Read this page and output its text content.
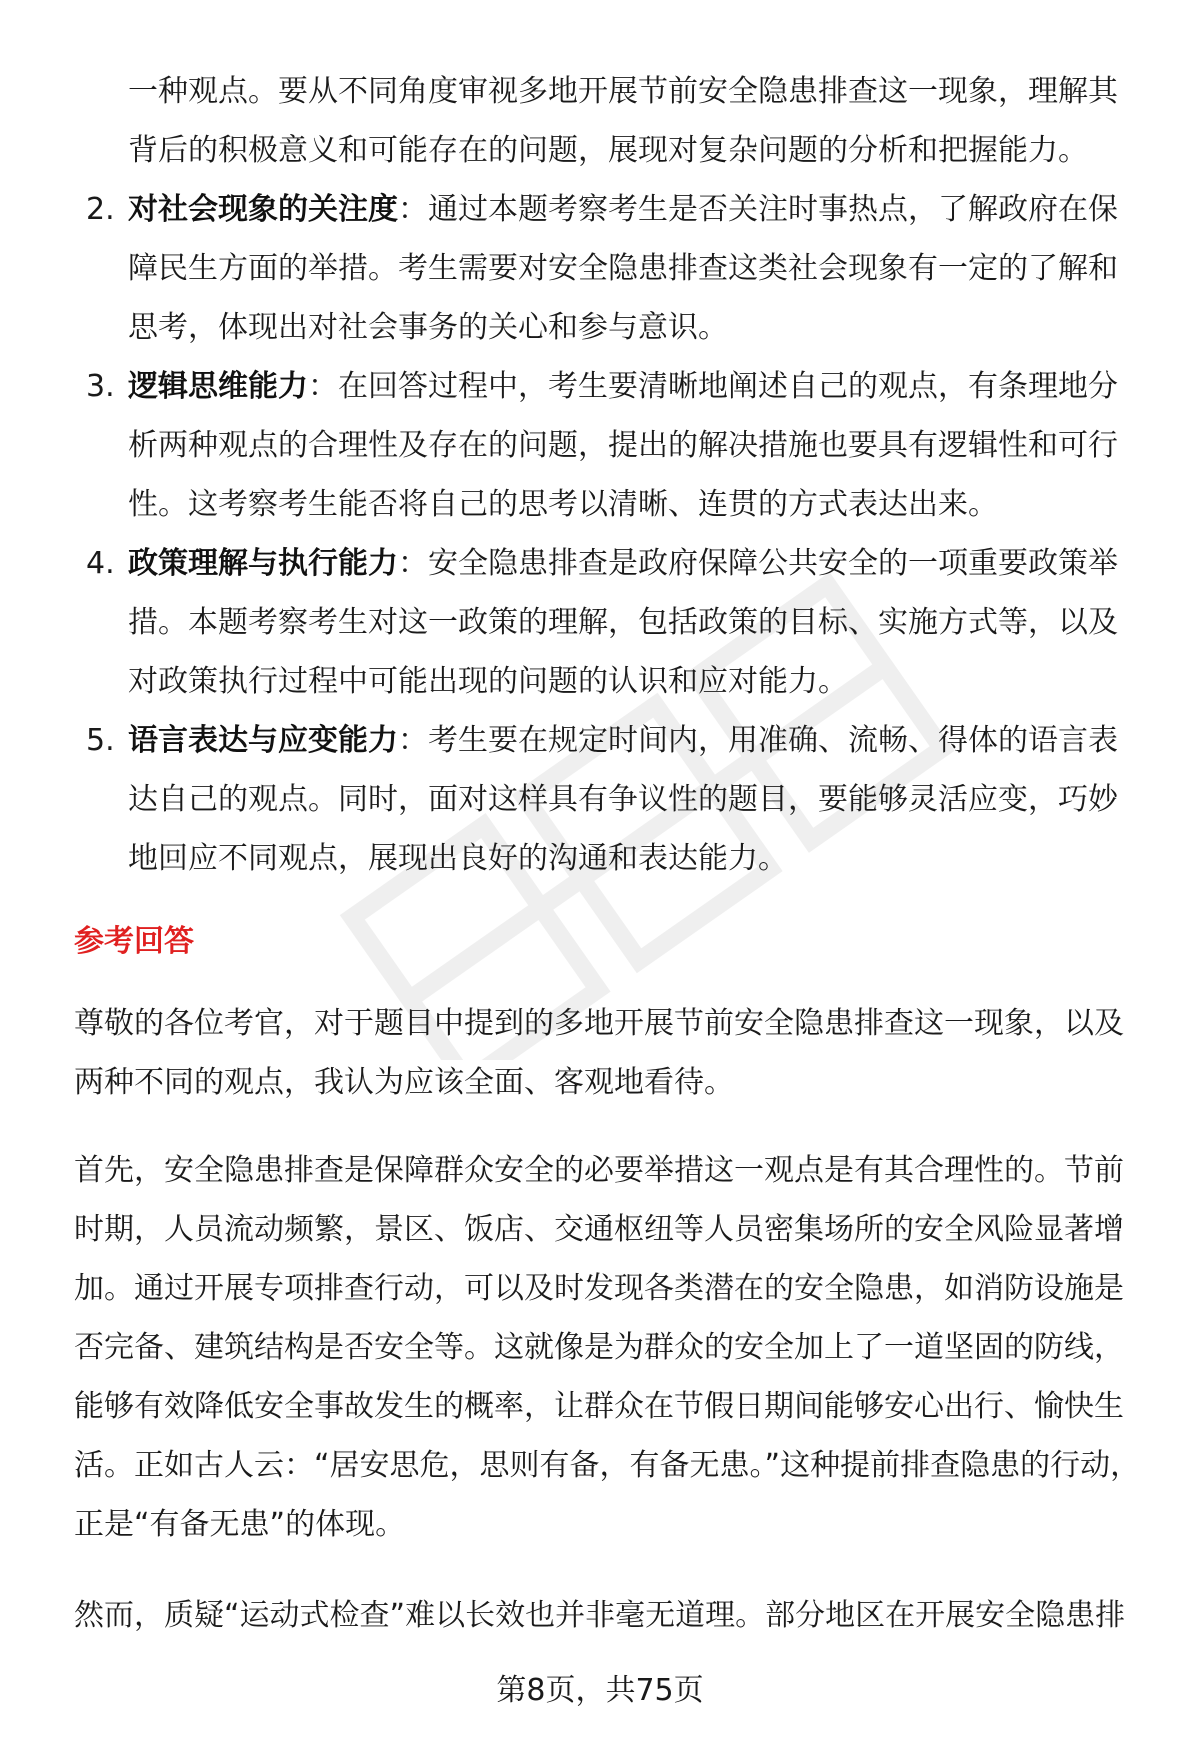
一种观点。要从不同角度审视多地开展节前安全隐患排查这一现象，理解其背后的积极意义和可能存在的问题，展现对复杂问题的分析和把握能力。
2. 对社会现象的关注度：通过本题考察考生是否关注时事热点，了解政府在保障民生方面的举措。考生需要对安全隐患排查这类社会现象有一定的了解和思考，体现出对社会事务的关心和参与意识。
3. 逻辑思维能力：在回答过程中，考生要清晰地阐述自己的观点，有条理地分析两种观点的合理性及存在的问题，提出的解决措施也要具有逻辑性和可行性。这考察考生能否将自己的思考以清晰、连贯的方式表达出来。
4. 政策理解与执行能力：安全隐患排查是政府保障公共安全的一项重要政策举措。本题考察考生对这一政策的理解，包括政策的目标、实施方式等，以及对政策执行过程中可能出现的问题的认识和应对能力。
5. 语言表达与应变能力：考生要在规定时间内，用准确、流畅、得体的语言表达自己的观点。同时，面对这样具有争议性的题目，要能够灵活应变，巧妙地回应不同观点，展现出良好的沟通和表达能力。
参考回答

尊敬的各位考官，对于题目中提到的多地开展节前安全隐患排查这一现象，以及两种不同的观点，我认为应该全面、客观地看待。

首先，安全隐患排查是保障群众安全的必要举措这一观点是有其合理性的。节前时期，人员流动频繁，景区、饭店、交通枢纽等人员密集场所的安全风险显著增加。通过开展专项排查行动，可以及时发现各类潜在的安全隐患，如消防设施是否完备、建筑结构是否安全等。这就像是为群众的安全加上了一道坚固的防线，能够有效降低安全事故发生的概率，让群众在节假日期间能够安心出行、愉快生活。正如古人云：“居安思危，思则有备，有备无患。”这种提前排查隐患的行动，正是“有备无患”的体现。

然而，质疑“运动式检查”难以长效也并非毫无道理。部分地区在开展安全隐患排

第8页，共75页
